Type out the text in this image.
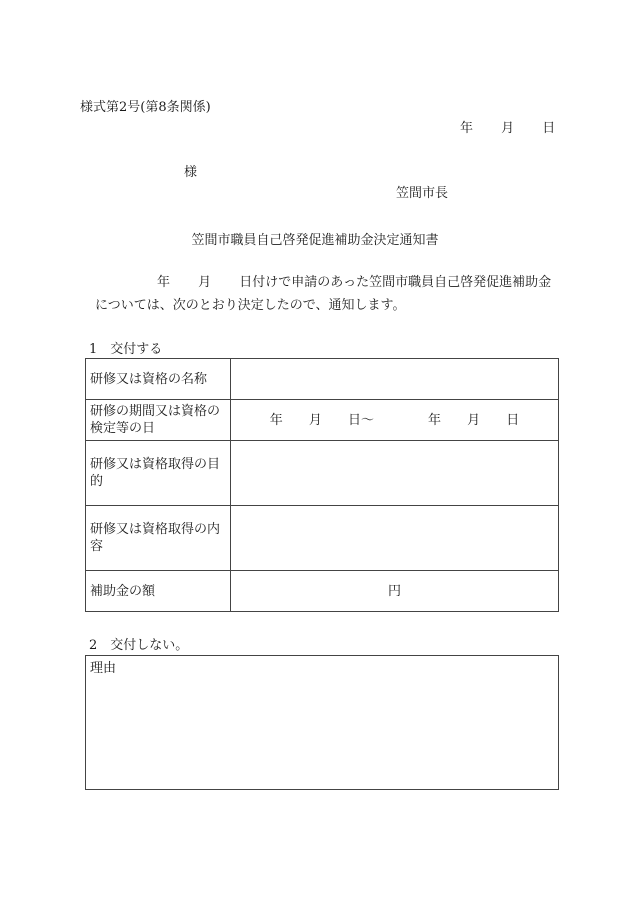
様式第2号(第8条関係)
年 月 日
様
笠間市長
笠間市職員自己啓発促進補助金決定通知書
年 月 日付けで申請のあった笠間市職員自己啓発促進補助金
については、次のとおり決定したので、通知します。
1　交付する
研修又は資格の名称	
研修の期間又は資格の検定等の日	年 月 日～ 年 月 日
研修又は資格取得の目的	
研修又は資格取得の内容	
補助金の額	円
2　交付しない。
理由
